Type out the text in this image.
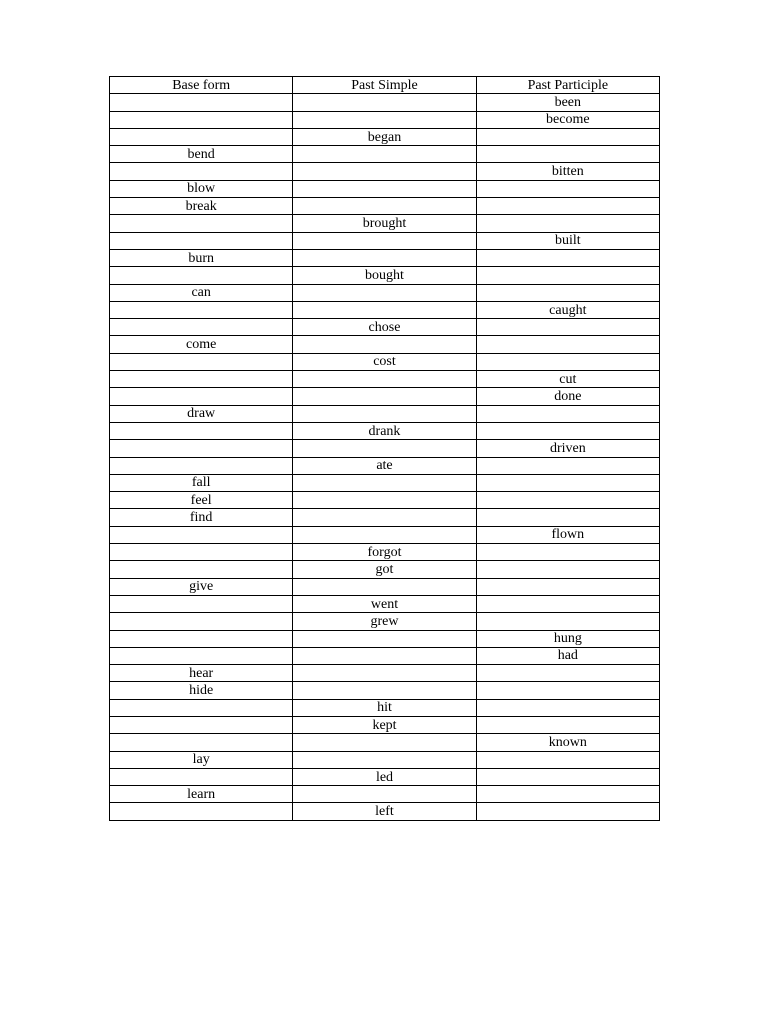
Base form	Past Simple	Past Participle
		been
		become
	began	
bend		
		bitten
blow		
break		
	brought	
		built
burn		
	bought	
can		
		caught
	chose	
come		
	cost	
		cut
		done
draw		
	drank	
		driven
	ate	
fall		
feel		
find		
		flown
	forgot	
	got	
give		
	went	
	grew	
		hung
		had
hear		
hide		
	hit	
	kept	
		known
lay		
	led	
learn		
	left	
